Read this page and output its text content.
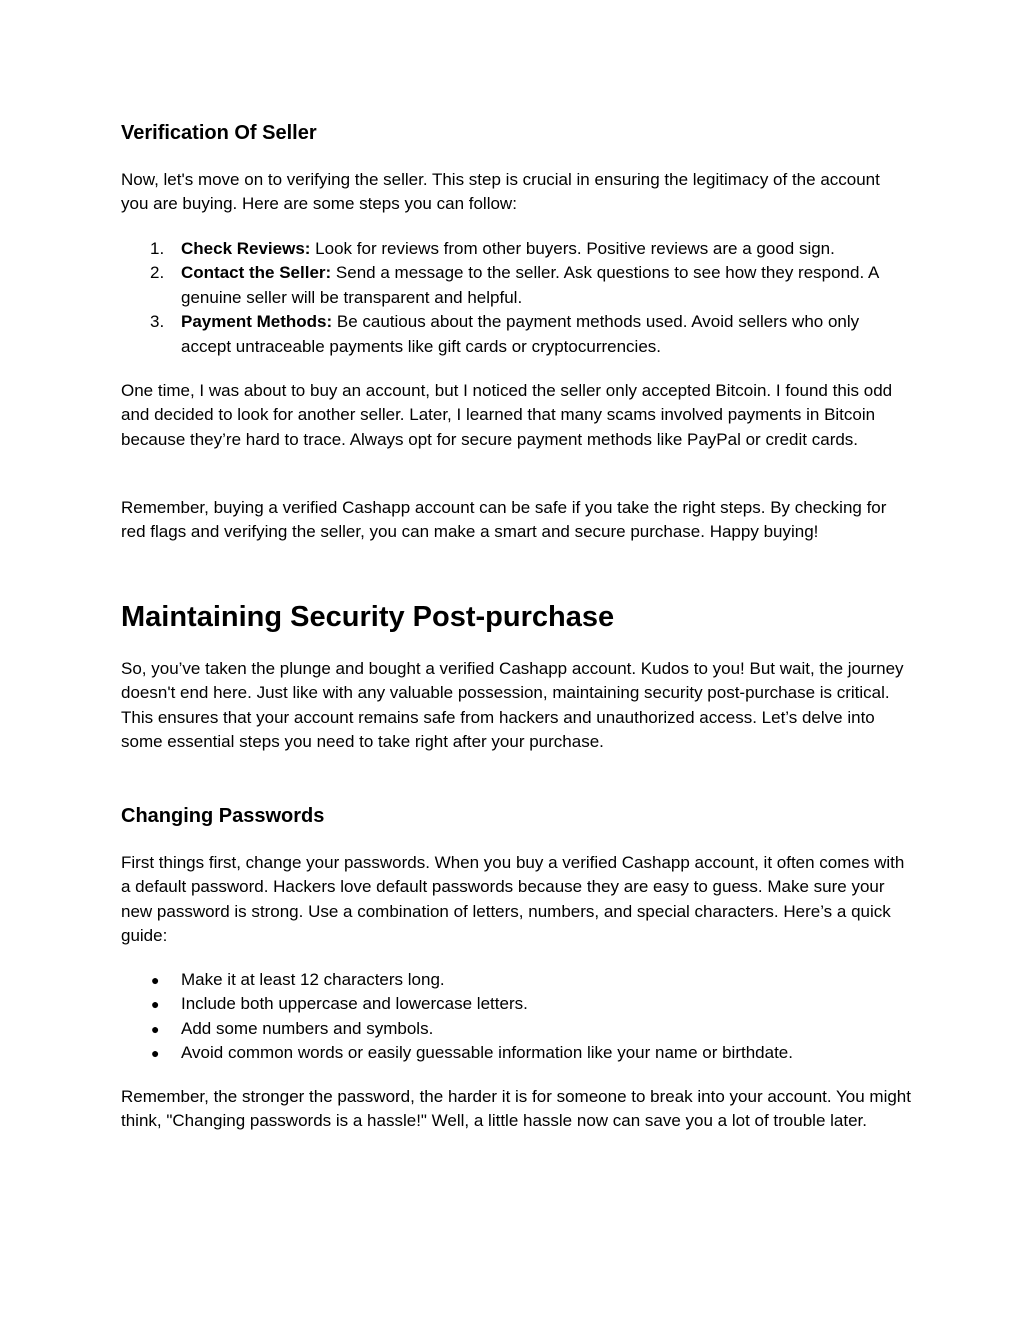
Verification Of Seller

Now, let's move on to verifying the seller. This step is crucial in ensuring the legitimacy of the account you are buying. Here are some steps you can follow:

1. Check Reviews: Look for reviews from other buyers. Positive reviews are a good sign.
2. Contact the Seller: Send a message to the seller. Ask questions to see how they respond. A genuine seller will be transparent and helpful.
3. Payment Methods: Be cautious about the payment methods used. Avoid sellers who only accept untraceable payments like gift cards or cryptocurrencies.

One time, I was about to buy an account, but I noticed the seller only accepted Bitcoin. I found this odd and decided to look for another seller. Later, I learned that many scams involved payments in Bitcoin because they’re hard to trace. Always opt for secure payment methods like PayPal or credit cards.

Remember, buying a verified Cashapp account can be safe if you take the right steps. By checking for red flags and verifying the seller, you can make a smart and secure purchase. Happy buying!

Maintaining Security Post-purchase

So, you’ve taken the plunge and bought a verified Cashapp account. Kudos to you! But wait, the journey doesn't end here. Just like with any valuable possession, maintaining security post-purchase is critical. This ensures that your account remains safe from hackers and unauthorized access. Let’s delve into some essential steps you need to take right after your purchase.

Changing Passwords

First things first, change your passwords. When you buy a verified Cashapp account, it often comes with a default password. Hackers love default passwords because they are easy to guess. Make sure your new password is strong. Use a combination of letters, numbers, and special characters. Here’s a quick guide:

● Make it at least 12 characters long.
● Include both uppercase and lowercase letters.
● Add some numbers and symbols.
● Avoid common words or easily guessable information like your name or birthdate.

Remember, the stronger the password, the harder it is for someone to break into your account. You might think, "Changing passwords is a hassle!" Well, a little hassle now can save you a lot of trouble later.
